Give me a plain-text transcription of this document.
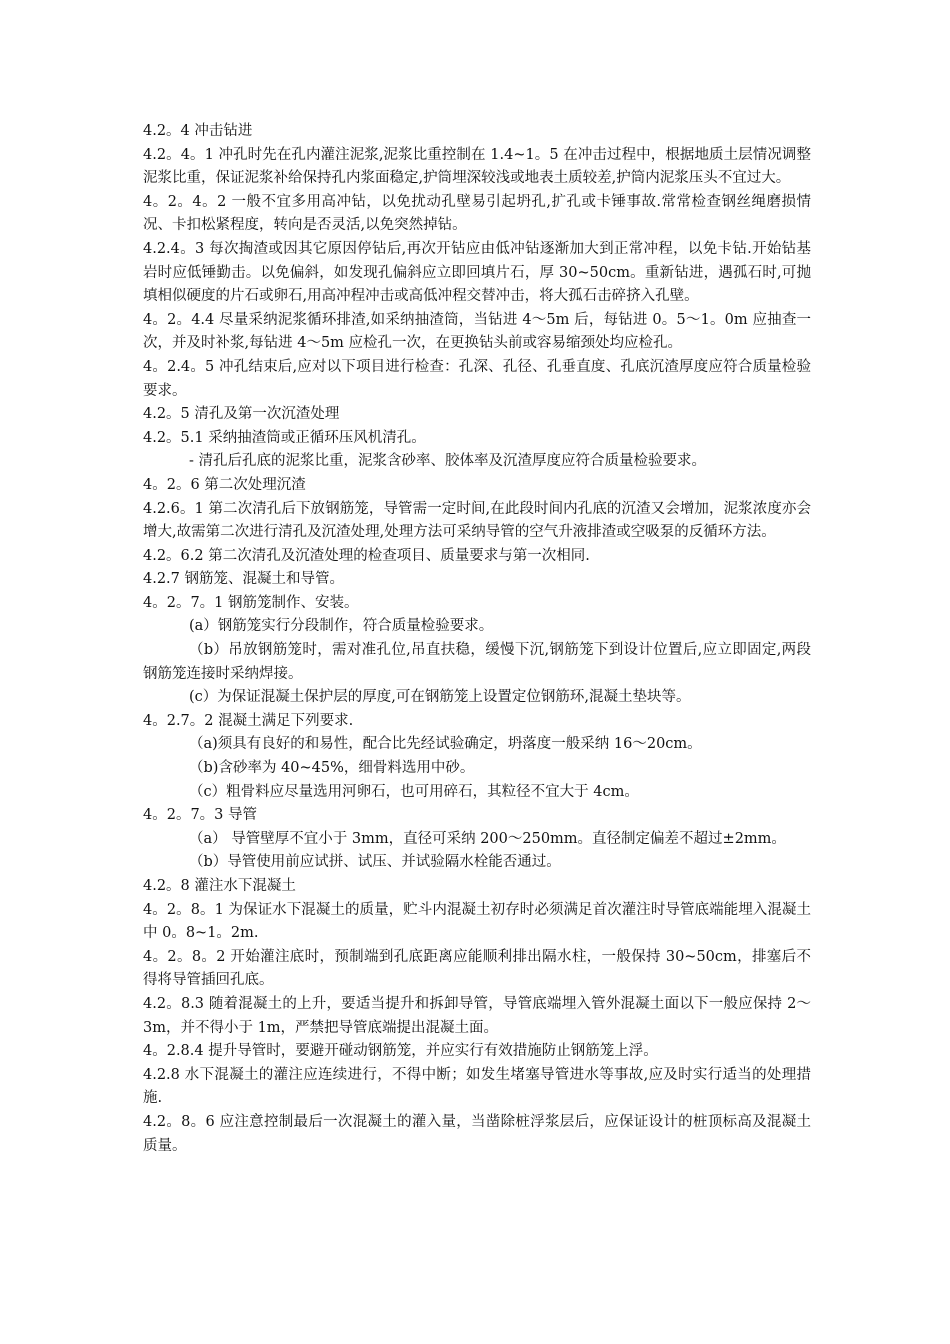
4.2。4 冲击钻进

4.2。4。1 冲孔时先在孔内灌注泥浆,泥浆比重控制在 1.4~1。5 在冲击过程中，根据地质土层情况调整泥浆比重，保证泥浆补给保持孔内浆面稳定,护筒埋深较浅或地表土质较差,护筒内泥浆压头不宜过大。

4。2。4。2 一般不宜多用高冲钻，以免扰动孔壁易引起坍孔,扩孔或卡锤事故.常常检查钢丝绳磨损情况、卡扣松紧程度，转向是否灵活,以免突然掉钻。

4.2.4。3 每次掏渣或因其它原因停钻后,再次开钻应由低冲钻逐渐加大到正常冲程，以免卡钻.开始钻基岩时应低锤勤击。以免偏斜，如发现孔偏斜应立即回填片石，厚 30~50cm。重新钻进，遇孤石时,可抛填相似硬度的片石或卵石,用高冲程冲击或高低冲程交替冲击，将大孤石击碎挤入孔壁。

4。2。4.4 尽量采纳泥浆循环排渣,如采纳抽渣筒，当钻进 4～5m 后，每钻进 0。5～1。0m 应抽查一次，并及时补浆,每钻进 4～5m 应检孔一次，在更换钻头前或容易缩颈处均应检孔。

4。2.4。5 冲孔结束后,应对以下项目进行检查：孔深、孔径、孔垂直度、孔底沉渣厚度应符合质量检验要求。

4.2。5 清孔及第一次沉渣处理

4.2。5.1 采纳抽渣筒或正循环压风机清孔。

- 清孔后孔底的泥浆比重，泥浆含砂率、胶体率及沉渣厚度应符合质量检验要求。

4。2。6 第二次处理沉渣

4.2.6。1 第二次清孔后下放钢筋笼，导管需一定时间,在此段时间内孔底的沉渣又会增加，泥浆浓度亦会增大,故需第二次进行清孔及沉渣处理,处理方法可采纳导管的空气升液排渣或空吸泵的反循环方法。

4.2。6.2 第二次清孔及沉渣处理的检查项目、质量要求与第一次相同.

4.2.7 钢筋笼、混凝土和导管。

4。2。7。1 钢筋笼制作、安装。

(a）钢筋笼实行分段制作，符合质量检验要求。

（b）吊放钢筋笼时，需对准孔位,吊直扶稳，缓慢下沉,钢筋笼下到设计位置后,应立即固定,两段钢筋笼连接时采纳焊接。

(c）为保证混凝土保护层的厚度,可在钢筋笼上设置定位钢筋环,混凝土垫块等。

4。2.7。2 混凝土满足下列要求.

（a)须具有良好的和易性，配合比先经试验确定，坍落度一般采纳 16～20cm。

（b)含砂率为 40~45%，细骨料选用中砂。

（c）粗骨料应尽量选用河卵石，也可用碎石，其粒径不宜大于 4cm。

4。2。7。3 导管

（a） 导管壁厚不宜小于 3mm，直径可采纳 200～250mm。直径制定偏差不超过±2mm。

（b）导管使用前应试拼、试压、并试验隔水栓能否通过。

4.2。8 灌注水下混凝土

4。2。8。1 为保证水下混凝土的质量，贮斗内混凝土初存时必须满足首次灌注时导管底端能埋入混凝土中 0。8~1。2m.

4。2。8。2 开始灌注底时，预制端到孔底距离应能顺利排出隔水柱，一般保持 30~50cm，排塞后不得将导管插回孔底。

4.2。8.3 随着混凝土的上升，要适当提升和拆卸导管，导管底端埋入管外混凝土面以下一般应保持 2～3m，并不得小于 1m，严禁把导管底端提出混凝土面。

4。2.8.4 提升导管时，要避开碰动钢筋笼，并应实行有效措施防止钢筋笼上浮。

4.2.8 水下混凝土的灌注应连续进行，不得中断；如发生堵塞导管进水等事故,应及时实行适当的处理措施.

4.2。8。6 应注意控制最后一次混凝土的灌入量，当凿除桩浮浆层后，应保证设计的桩顶标高及混凝土质量。
